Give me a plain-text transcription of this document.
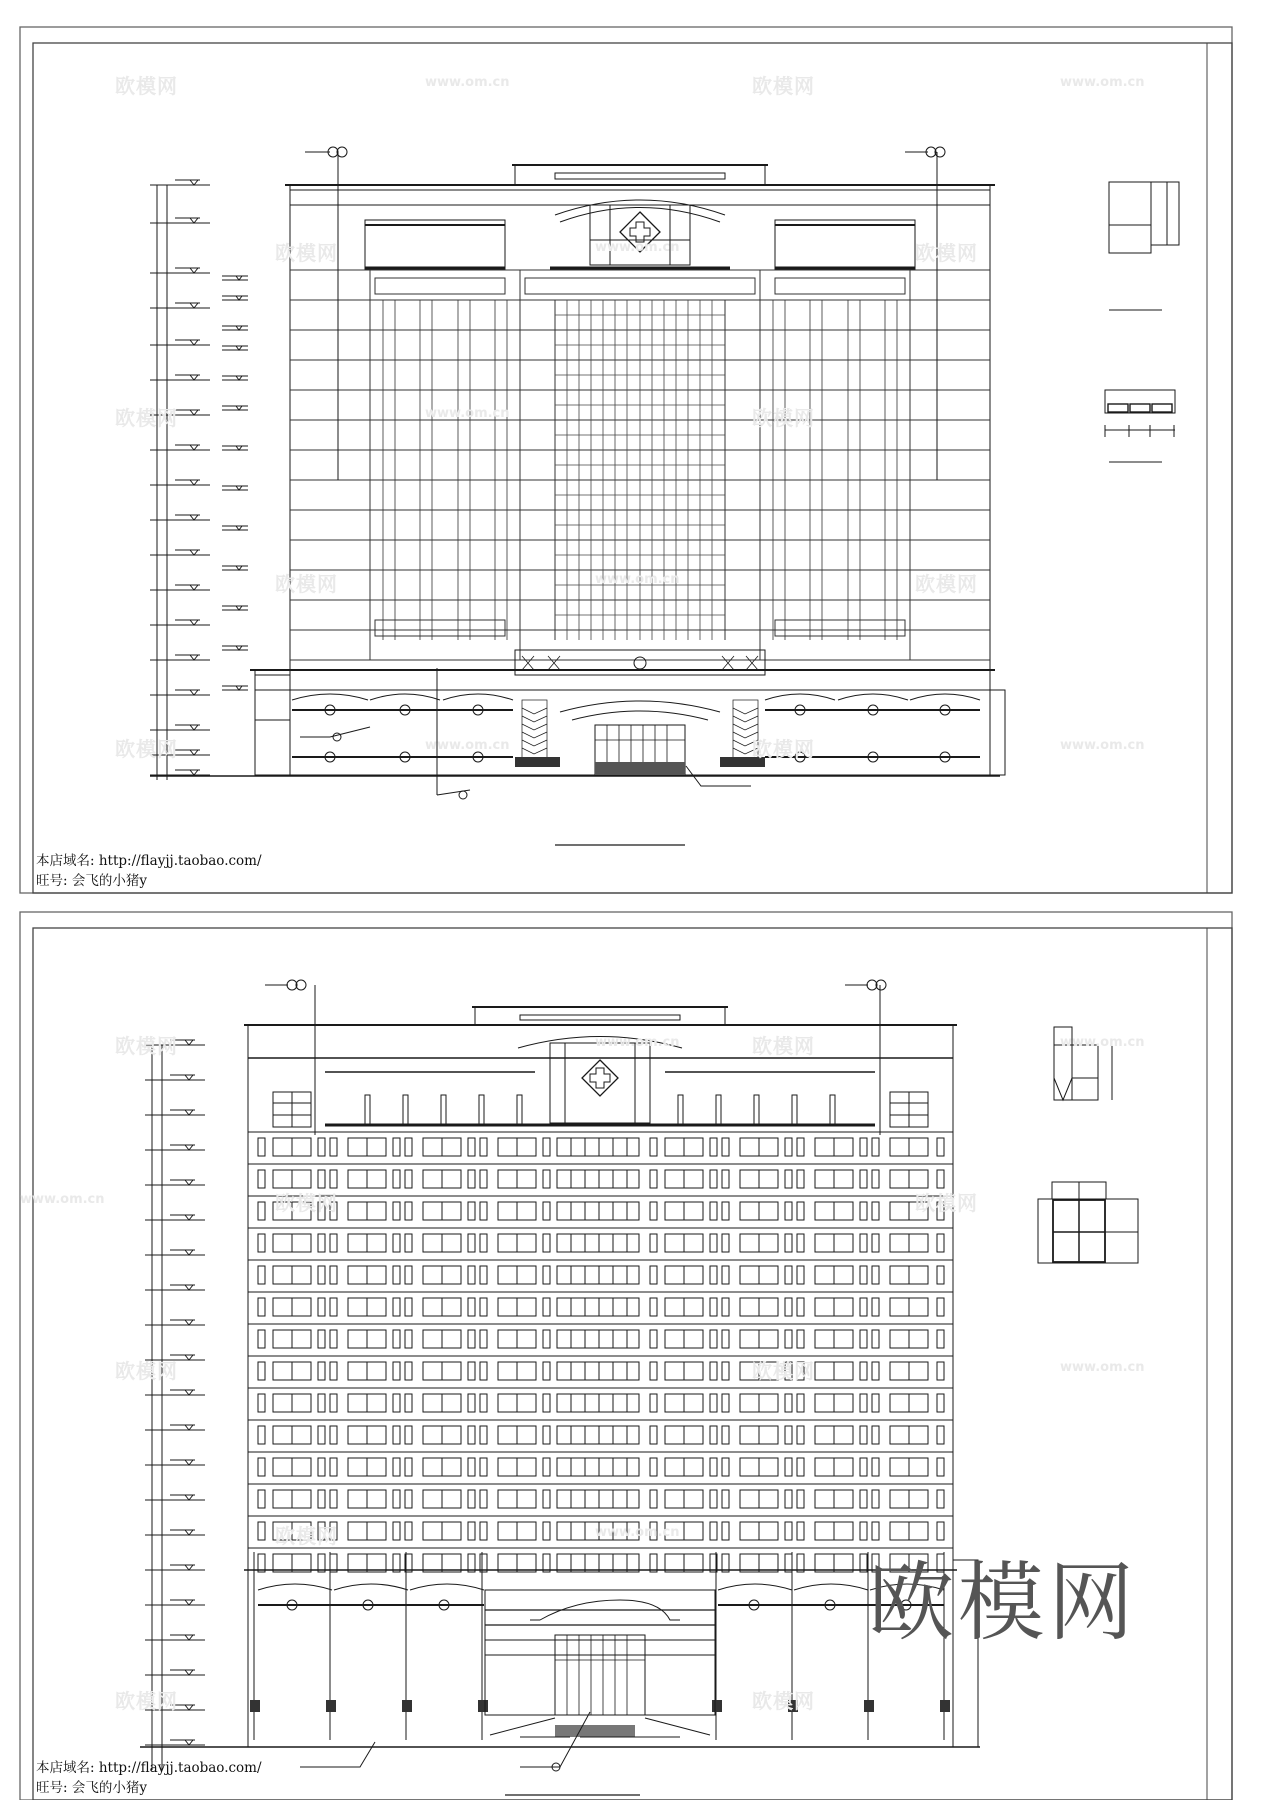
欧模网	www.om.cn	欧模网	www.om.cn
欧模网	www.om.cn	欧模网
欧模网	www.om.cn	欧模网
欧模网	www.om.cn	欧模网
欧模网	www.om.cn	欧模网	www.om.cn
本店域名: http://flayjj.taobao.com/
旺号: 会飞的小猪y
欧模网	欧模网	www.om.cn
www.om.cn
www.om.cn	欧模网	欧模网
欧模网	欧模网	www.om.cn
欧模网	www.om.cn
欧模网	欧模网
本店域名: http://flayjj.taobao.com/
旺号: 会飞的小猪y
欧模网
